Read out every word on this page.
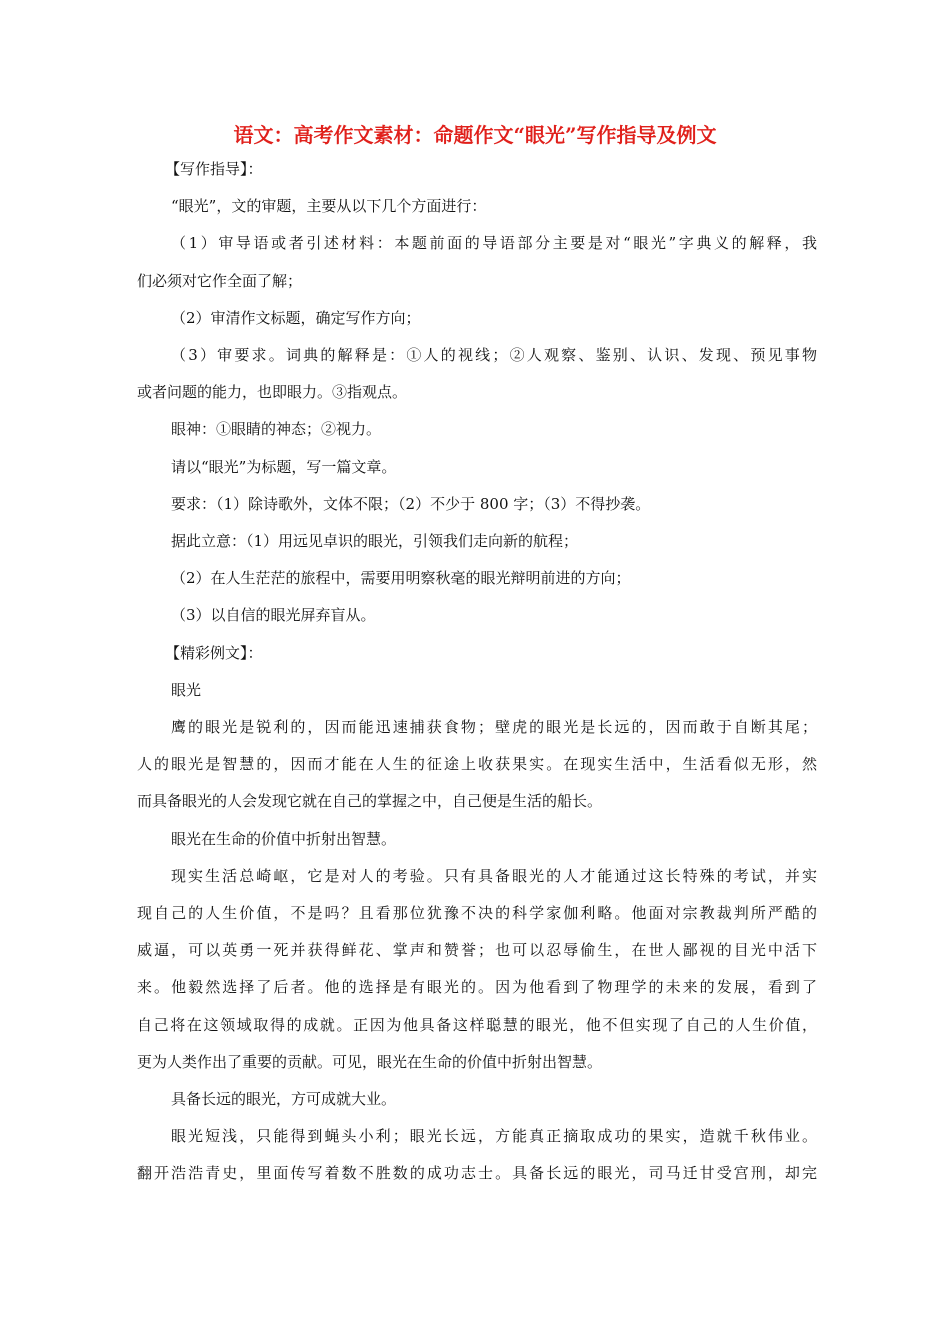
语文：高考作文素材：命题作文“眼光”写作指导及例文
【写作指导】：
“眼光”，文的审题，主要从以下几个方面进行：
（1）审导语或者引述材料：本题前面的导语部分主要是对“眼光”字典义的解释，我
们必须对它作全面了解；
（2）审清作文标题，确定写作方向；
（3）审要求。词典的解释是：①人的视线；②人观察、鉴别、认识、发现、预见事物
或者问题的能力，也即眼力。③指观点。
眼神：①眼睛的神态；②视力。
请以“眼光”为标题，写一篇文章。
要求：（1）除诗歌外，文体不限；（2）不少于 800 字；（3）不得抄袭。
据此立意：（1）用远见卓识的眼光，引领我们走向新的航程；
（2）在人生茫茫的旅程中，需要用明察秋毫的眼光辩明前进的方向；
（3）以自信的眼光屏弃盲从。
【精彩例文】：
眼光
鹰的眼光是锐利的，因而能迅速捕获食物；壁虎的眼光是长远的，因而敢于自断其尾；
人的眼光是智慧的，因而才能在人生的征途上收获果实。在现实生活中，生活看似无形，然
而具备眼光的人会发现它就在自己的掌握之中，自己便是生活的船长。
眼光在生命的价值中折射出智慧。
现实生活总崎岖，它是对人的考验。只有具备眼光的人才能通过这长特殊的考试，并实
现自己的人生价值，不是吗？且看那位犹豫不决的科学家伽利略。他面对宗教裁判所严酷的
威逼，可以英勇一死并获得鲜花、掌声和赞誉；也可以忍辱偷生，在世人鄙视的目光中活下
来。他毅然选择了后者。他的选择是有眼光的。因为他看到了物理学的未来的发展，看到了
自己将在这领域取得的成就。正因为他具备这样聪慧的眼光，他不但实现了自己的人生价值，
更为人类作出了重要的贡献。可见，眼光在生命的价值中折射出智慧。
具备长远的眼光，方可成就大业。
眼光短浅，只能得到蝇头小利；眼光长远，方能真正摘取成功的果实，造就千秋伟业。
翻开浩浩青史，里面传写着数不胜数的成功志士。具备长远的眼光，司马迁甘受宫刑，却完
